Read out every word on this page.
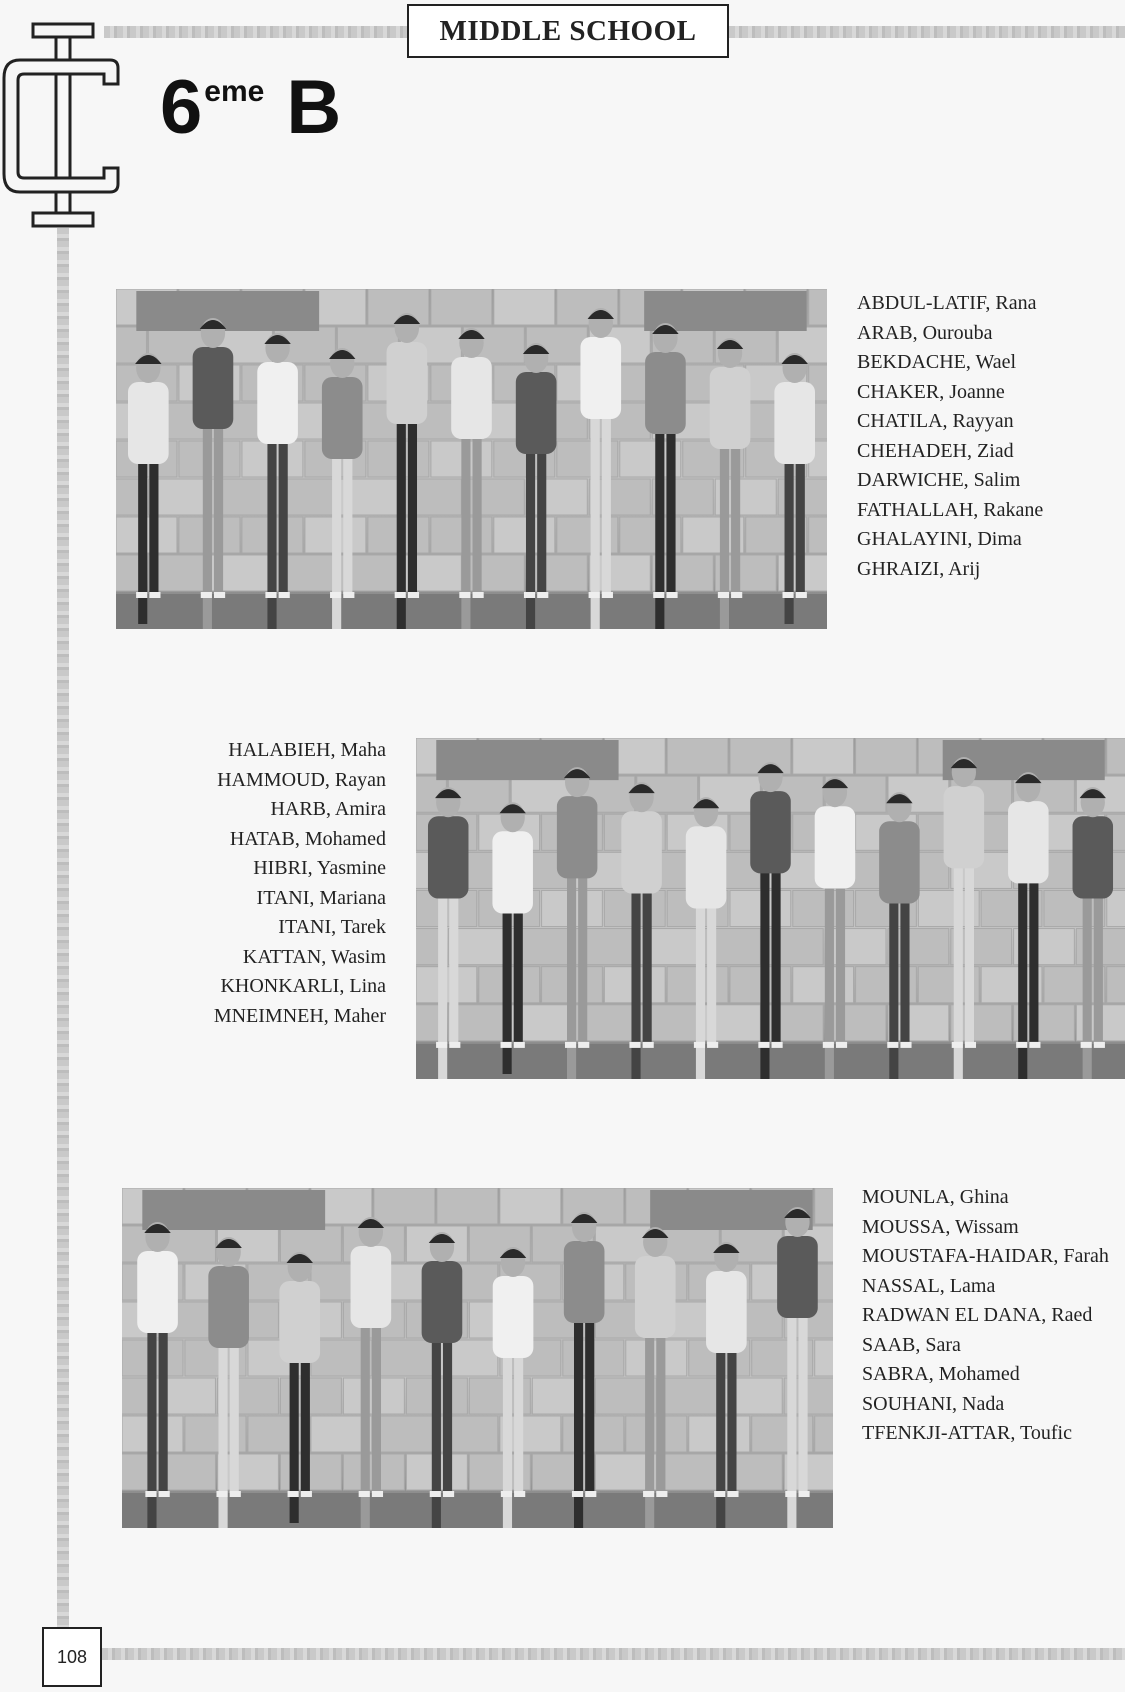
MIDDLE SCHOOL
6eme B
ABDUL-LATIF, Rana
ARAB, Ourouba
BEKDACHE, Wael
CHAKER, Joanne
CHATILA, Rayyan
CHEHADEH, Ziad
DARWICHE, Salim
FATHALLAH, Rakane
GHALAYINI, Dima
GHRAIZI, Arij
HALABIEH, Maha
HAMMOUD, Rayan
HARB, Amira
HATAB, Mohamed
HIBRI, Yasmine
ITANI, Mariana
ITANI, Tarek
KATTAN, Wasim
KHONKARLI, Lina
MNEIMNEH, Maher
MOUNLA, Ghina
MOUSSA, Wissam
MOUSTAFA-HAIDAR, Farah
NASSAL, Lama
RADWAN EL DANA, Raed
SAAB, Sara
SABRA, Mohamed
SOUHANI, Nada
TFENKJI-ATTAR, Toufic
108
